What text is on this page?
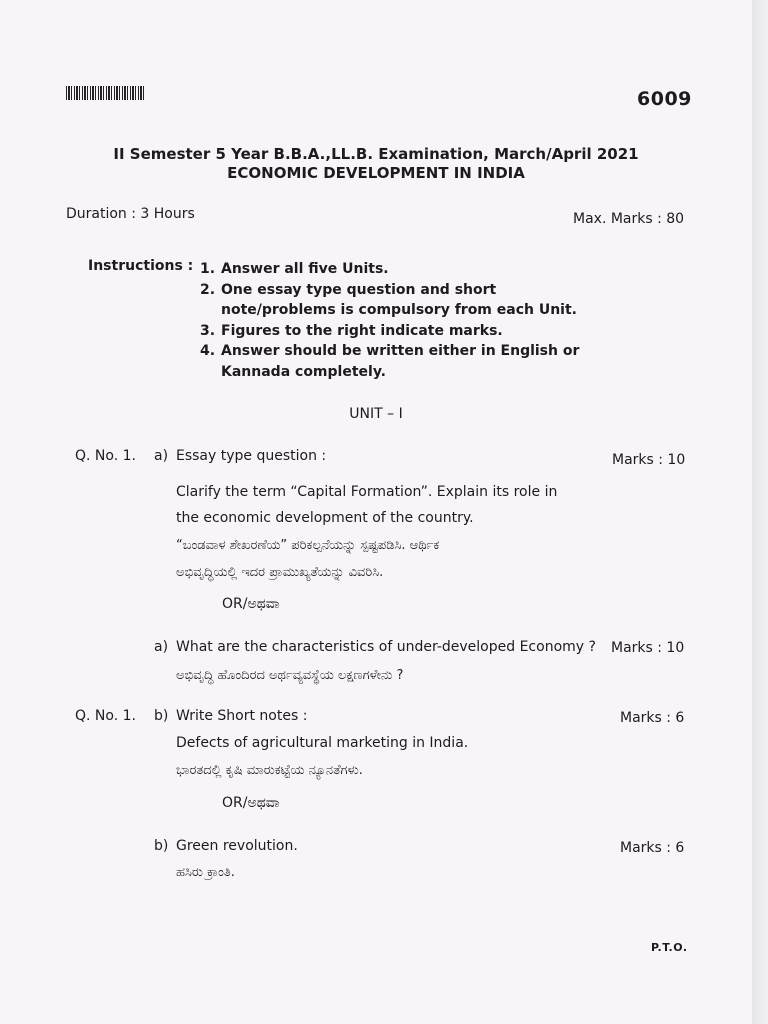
6009
II Semester 5 Year B.B.A.,LL.B. Examination, March/April 2021
ECONOMIC DEVELOPMENT IN INDIA
Duration : 3 Hours	Max. Marks : 80
Instructions : 1. Answer all five Units.
2. One essay type question and short note/problems is compulsory from each Unit.
3. Figures to the right indicate marks.
4. Answer should be written either in English or Kannada completely.
UNIT – I
Q. No. 1. a) Essay type question :	Marks : 10
Clarify the term “Capital Formation”. Explain its role in
the economic development of the country.
“ಬಂಡವಾಳ ಶೇಖರಣೆಯ” ಪರಿಕಲ್ಪನೆಯನ್ನು ಸ್ಪಷ್ಟಪಡಿಸಿ. ಆರ್ಥಿಕ
ಅಭಿವೃದ್ಧಿಯಲ್ಲಿ ಇದರ ಪ್ರಾಮುಖ್ಯತೆಯನ್ನು ವಿವರಿಸಿ.
OR/ಅಥವಾ
a) What are the characteristics of under-developed Economy ? Marks : 10
ಅಭಿವೃದ್ಧಿ ಹೊಂದಿರದ ಅರ್ಥವ್ಯವಸ್ಥೆಯ ಲಕ್ಷಣಗಳೇನು ?
Q. No. 1. b) Write Short notes :	Marks : 6
Defects of agricultural marketing in India.
ಭಾರತದಲ್ಲಿ ಕೃಷಿ ಮಾರುಕಟ್ಟೆಯ ನ್ಯೂನತೆಗಳು.
OR/ಅಥವಾ
b) Green revolution.	Marks : 6
ಹಸಿರು ಕ್ರಾಂತಿ.
P.T.O.
